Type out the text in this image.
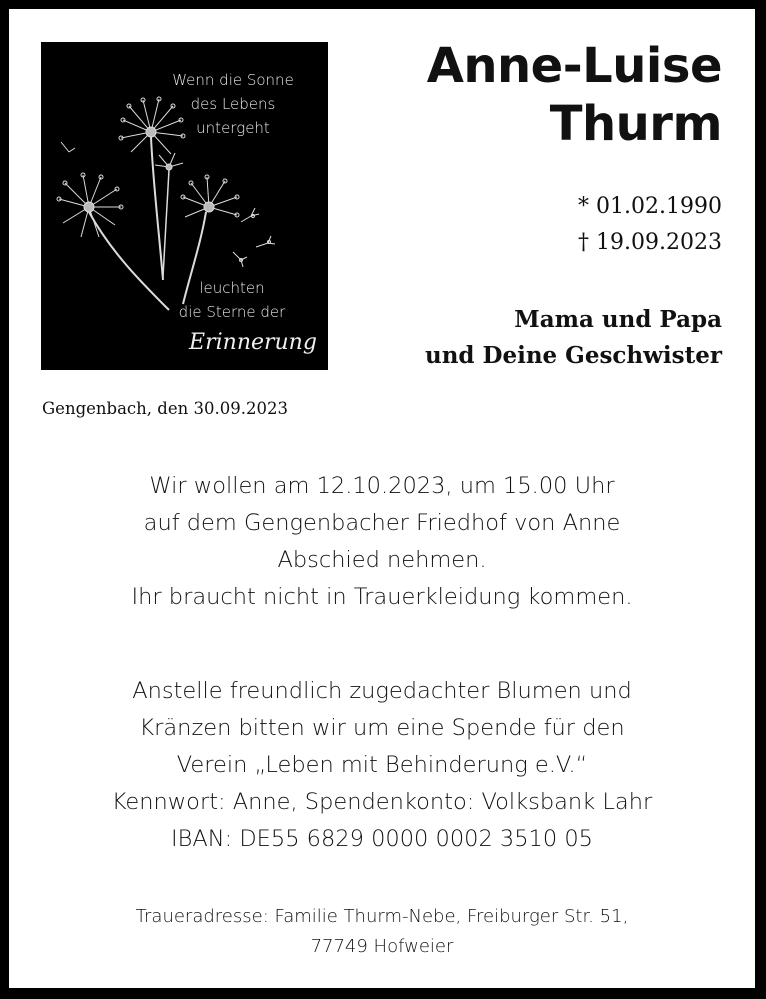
Wenn die Sonne
des Lebens
untergeht
leuchten
die Sterne der
Erinnerung
Anne-Luise
Thurm
* 01.02.1990
† 19.09.2023
Mama und Papa
und Deine Geschwister
Gengenbach, den 30.09.2023
Wir wollen am 12.10.2023, um 15.00 Uhr
auf dem Gengenbacher Friedhof von Anne
Abschied nehmen.
Ihr braucht nicht in Trauerkleidung kommen.
Anstelle freundlich zugedachter Blumen und
Kränzen bitten wir um eine Spende für den
Verein „Leben mit Behinderung e.V.“
Kennwort: Anne, Spendenkonto: Volksbank Lahr
IBAN: DE55 6829 0000 0002 3510 05
Traueradresse: Familie Thurm-Nebe, Freiburger Str. 51,
77749 Hofweier
